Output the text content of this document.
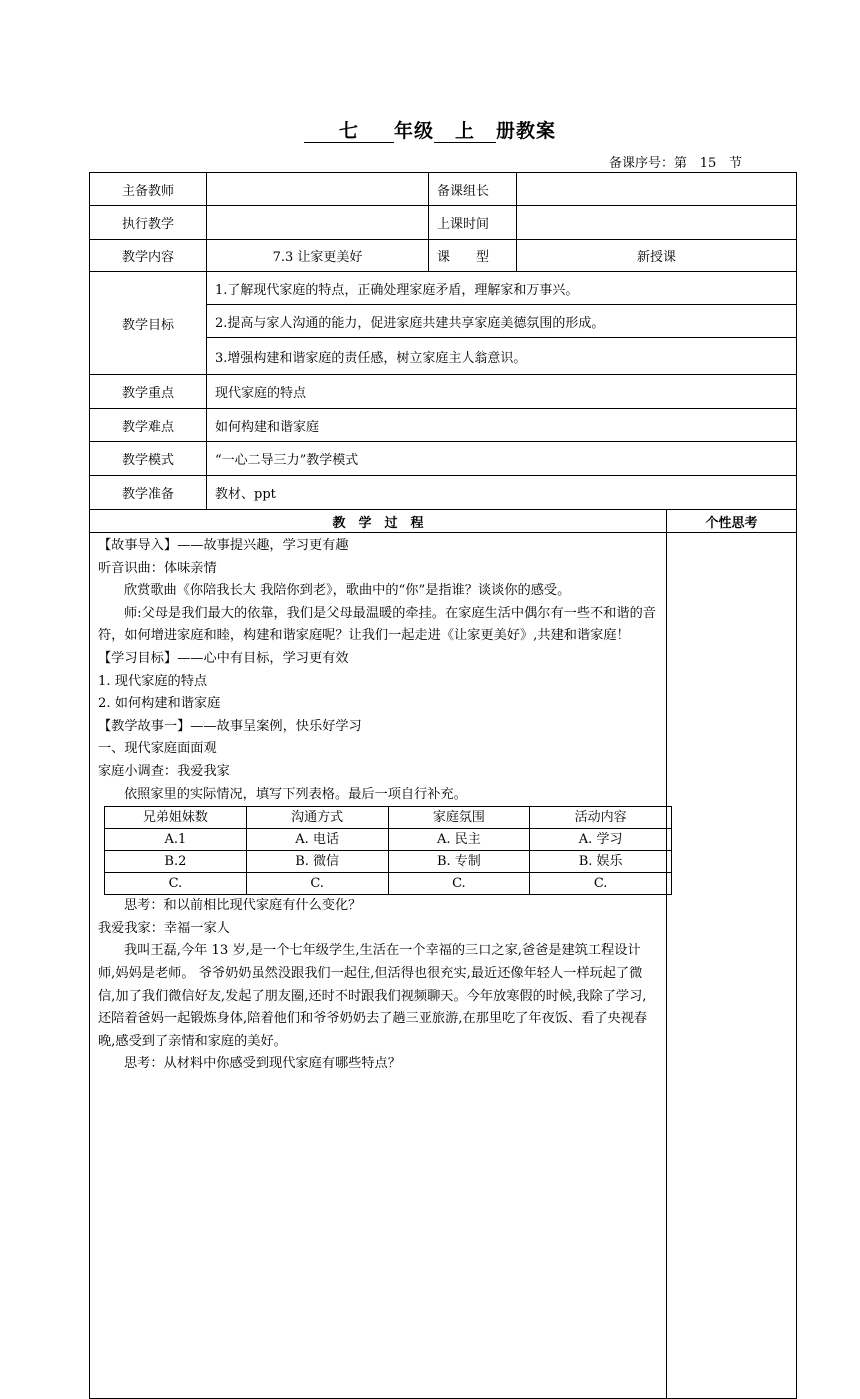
七 年级 上 册教案
备课序号：第 15 节
主备教师		备课组长	
执行教学		上课时间	
教学内容	7.3 让家更美好	课　　型	新授课
教学目标	1.了解现代家庭的特点，正确处理家庭矛盾，理解家和万事兴。
2.提高与家人沟通的能力，促进家庭共建共享家庭美德氛围的形成。
3.增强构建和谐家庭的责任感，树立家庭主人翁意识。
教学重点	现代家庭的特点
教学难点	如何构建和谐家庭
教学模式	“一心二导三力”教学模式
教学准备	教材、ppt
教　学　过　程	个性思考

【故事导入】——故事提兴趣，学习更有趣

听音识曲：体味亲情

欣赏歌曲《你陪我长大 我陪你到老》，歌曲中的“你”是指谁？谈谈你的感受。

师:父母是我们最大的依靠，我们是父母最温暖的牵挂。在家庭生活中偶尔有一些不和谐的音符，如何增进家庭和睦，构建和谐家庭呢？让我们一起走进《让家更美好》,共建和谐家庭！

【学习目标】——心中有目标，学习更有效

1. 现代家庭的特点

2. 如何构建和谐家庭

【教学故事一】——故事呈案例，快乐好学习

一、现代家庭面面观

家庭小调查：我爱我家

依照家里的实际情况，填写下列表格。最后一项自行补充。

兄弟姐妹数	沟通方式	家庭氛围	活动内容
A.1	A. 电话	A. 民主	A. 学习
B.2	B. 微信	B. 专制	B. 娱乐
C.	C.	C.	C.

思考：和以前相比现代家庭有什么变化？

我爱我家：幸福一家人

我叫王磊,今年 13 岁,是一个七年级学生,生活在一个幸福的三口之家,爸爸是建筑工程设计师,妈妈是老师。 爷爷奶奶虽然没跟我们一起住,但活得也很充实,最近还像年轻人一样玩起了微信,加了我们微信好友,发起了朋友圈,还时不时跟我们视频聊天。今年放寒假的时候,我除了学习,还陪着爸妈一起锻炼身体,陪着他们和爷爷奶奶去了趟三亚旅游,在那里吃了年夜饭、看了央视春晚,感受到了亲情和家庭的美好。

思考：从材料中你感受到现代家庭有哪些特点？
